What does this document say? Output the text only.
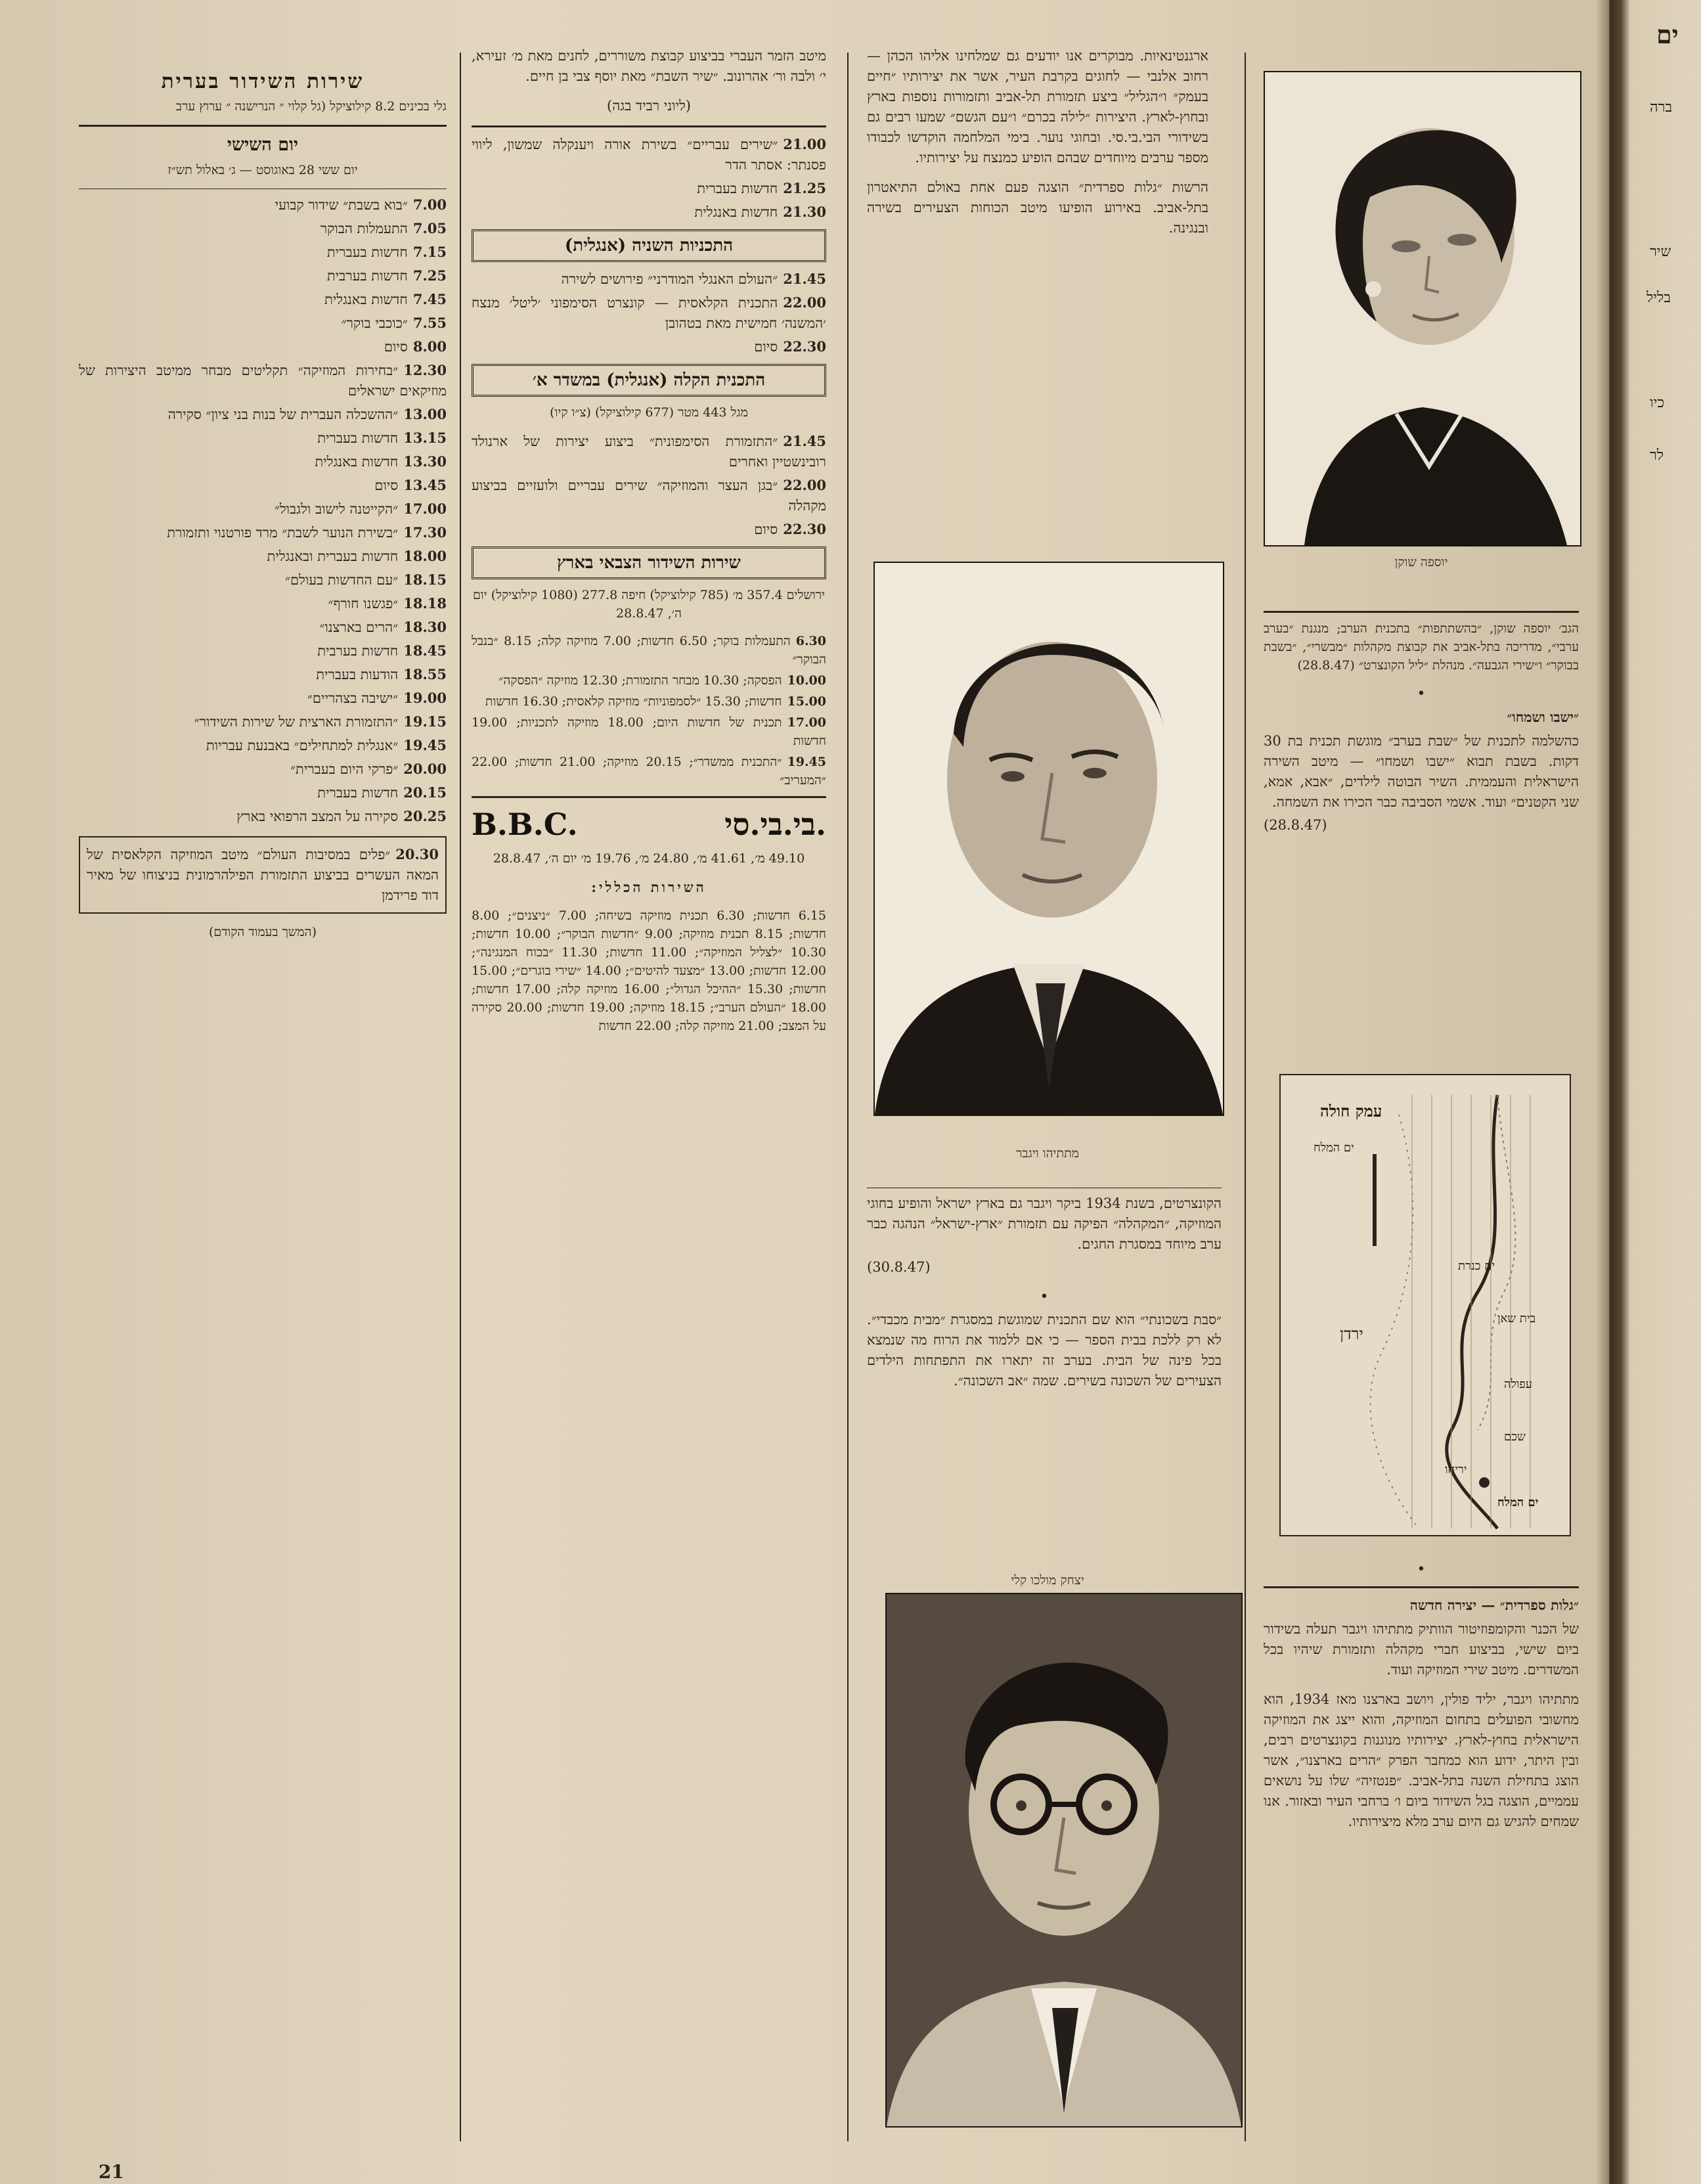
יוספה שוקן

הגב׳ יוספה שוקן, ״בהשתתפות״ בתכנית הערב; מנגנת ״בערב ערבי״, מדריכה בתל-אביב את קבוצת מקהלות ״מבשרי״, ״בשבת בבוקר״ ו״שירי הגבעה״. מנהלת ״ליל הקונצרט״ (28.8.47)

•

״ישבו ושמחו״

כהשלמה לתכנית של ״שבת בערב״ מוגשת תכנית בת 30 דקות. בשבת תבוא ״ישבו ושמחו״ — מיטב השירה הישראלית והעממית. השיר הבוטה לילדים, ״אבא, אמא, שני הקטנים״ ועוד. אשמי הסביבה כבר הכירו את השמחה.

(28.8.47)

עמק חולה
ים המלח
ים כנרת
בית שאן
ירדן
עפולה
שכם
יריחו
ים המלח
•

״גלות ספרדית״ — יצירה חדשה

של הכנר והקומפוזיטור הוותיק מתתיהו ויגבר תעלה בשידור ביום שישי, בביצוע חברי מקהלה ותזמורת שיהיו בכל המשדרים. מיטב שירי המוזיקה ועוד.

מתתיהו ויגבר, יליד פולין, ויושב בארצנו מאז 1934, הוא מחשובי הפועלים בתחום המוזיקה, והוא ייצג את המוזיקה הישראלית בחוץ-לארץ. יצירותיו מנוגנות בקונצרטים רבים, ובין היתר, ידוע הוא כמחבר הפרק ״הרים בארצנו״, אשר הוצג בתחילת השנה בתל-אביב. ״פנטזיה״ שלו על נושאים עממיים, הוצגה בגל השידור ביום ו׳ ברחבי העיר ובאזור. אנו שמחים להגיש גם היום ערב מלא מיצירותיו.

ארגנטינאיות. מבוקרים אנו יודעים גם שמלחינו אליהו הכהן — רחוב אלנבי — לחוגים בקרבת העיר, אשר את יצירותיו ״חיים בעמק״ ו״הגליל״ ביצע תזמורת תל-אביב ותזמורות נוספות בארץ ובחוץ-לארץ. היצירות ״לילה בכרם״ ו״עם הגשם״ שמעו רבים גם בשידורי הבי.בי.סי. ובחוגי נוער. בימי המלחמה הוקדשו לכבודו מספר ערבים מיוחדים שבהם הופיע כמנצח על יצירותיו.

הרשות ״גלות ספרדית״ הוצגה פעם אחת באולם התיאטרון בתל-אביב. באירוע הופיעו מיטב הכוחות הצעירים בשירה ובנגינה.

מתתיהו ויגבר

הקונצרטים, בשנת 1934 ביקר ויגבר גם בארץ ישראל והופיע בחוגי המוזיקה, ״המקהלה״ הפיקה עם תזמורת ״ארץ-ישראל״ הנהגה כבר ערב מיוחד במסגרת החגים.

(30.8.47)

•

״סבת בשכונתי״ הוא שם התכנית שמוגשת במסגרת ״מבית מכבדי״. לא רק ללכת בבית הספר — כי אם ללמוד את הרוח מה שנמצא בכל פינה של הבית. בערב זה יתארו את התפתחות הילדים הצעירים של השכונה בשירים. שמה ״אב השכונה״.

יצחק מולכו קלי

מיטב הזמר העברי בביצוע קבוצת משוררים, לחנים מאת מ׳ זעירא, י׳ ולבה ור׳ אהרונוב. ״שיר השבת״ מאת יוסף צבי בן חיים.

(ליוני רביד בגה)

21.00״שירים עבריים״ בשירת אורה ויענקלה שמשון, ליווי פסנתר: אסתר הדר
21.25חדשות בעברית
21.30חדשות באנגלית
התכניות השניה (אנגלית)
21.45״העולם האנגלי המודרני״ פירושים לשירה
22.00התכנית הקלאסית — קונצרט הסימפוני ׳ליטל׳ מנצח ׳המשנה׳ חמישית מאת בטהובן
22.30סיום
התכנית הקלה (אנגלית) במשדר א׳

מגל 443 מטר (677 קילוציקל) (צ״ו קיו)

21.45״התזמורת הסימפונית״ ביצוע יצירות של ארנולד רובינשטיין ואחרים
22.00״בגן העצר והמוזיקה״ שירים עבריים ולועזיים בביצוע מקהלה
22.30סיום
שירות השידור הצבאי בארץ

ירושלים 357.4 מ׳ (785 קילוציקל) חיפה 277.8 (1080 קילוציקל) יום ה׳, 28.8.47

6.30התעמלות בוקר; 6.50 חדשות; 7.00 מוזיקה קלה; 8.15 ״בנבל הבוקר״
10.00הפסקה; 10.30 מבחר התזמורת; 12.30 מוזיקה ״הפסקה״
15.00חדשות; 15.30 ״לסמפוניות״ מוזיקה קלאסית; 16.30 חדשות
17.00תכנית של חדשות היום; 18.00 מוזיקה לתכניות; 19.00 חדשות
19.45״התכנית ממשדר״; 20.15 מוזיקה; 21.00 חדשות; 22.00 ״המעריב״
B.B.C.	בי.בי.סי.

49.10 מ׳, 41.61 מ׳, 24.80 מ׳, 19.76 מ׳ יום ה׳, 28.8.47

השירות הכללי:

6.15 חדשות; 6.30 תכנית מוזיקה בשיחה; 7.00 ״ניצנים״; 8.00 חדשות; 8.15 תכנית מוזיקה; 9.00 ״חדשות הבוקר״; 10.00 חדשות; 10.30 ״לצליל המוזיקה״; 11.00 חדשות; 11.30 ״בכוח המנגינה״; 12.00 חדשות; 13.00 ״מצעד להיטים״; 14.00 ״שירי בוגרים״; 15.00 חדשות; 15.30 ״ההיכל הגדול״; 16.00 מוזיקה קלה; 17.00 חדשות; 18.00 ״העולם הערב״; 18.15 מוזיקה; 19.00 חדשות; 20.00 סקירה על המצב; 21.00 מוזיקה קלה; 22.00 חדשות

שירות השידור בערית

גלי בכינים 8.2 קילוציקל (גל קלוי ״ הנרישנה ״ ערוץ ערב

יום השישי

יום ששי 28 באוגוסט — ג׳ באלול תש״ז

7.00״בוא בשבת״ שידור קבועי
7.05התעמלות הבוקר
7.15חדשות בעברית
7.25חדשות בערבית
7.45חדשות באנגלית
7.55״כוכבי בוקר״
8.00סיום
12.30״בחירות המוזיקה״ תקליטים מבחר ממיטב היצירות של מוזיקאים ישראלים
13.00״ההשכלה העברית של בנות בני ציון״ סקירה
13.15חדשות בעברית
13.30חדשות באנגלית
13.45סיום
17.00״הקייטנה לישוב ולגבול״
17.30״בשירת הנוער לשבת״ מרד פורטנוי ותזמורת
18.00חדשות בעברית ובאנגלית
18.15״עם החדשות בעולם״
18.18״פגשנו חורף״
18.30״הרים בארצנו״
18.45חדשות בערבית
18.55הודעות בעברית
19.00״ישיבה בצהריים״
19.15״התזמורת הארצית של שירות השידור״
19.45״אנגלית למתחילים״ באבנעת עבריות
20.00״פרקי היום בעברית״
20.15חדשות בעברית
20.25סקירה על המצב הרפואי בארץ

20.30״פלים במסיבות העולם״ מיטב המוזיקה הקלאסית של המאה העשרים בביצוע התזמורת הפילהרמונית בניצוחו של מאיר דוד פרידמן

(המשך בעמוד הקודם)

21
ים
ברה
שיר
בליל
כיו
לר
